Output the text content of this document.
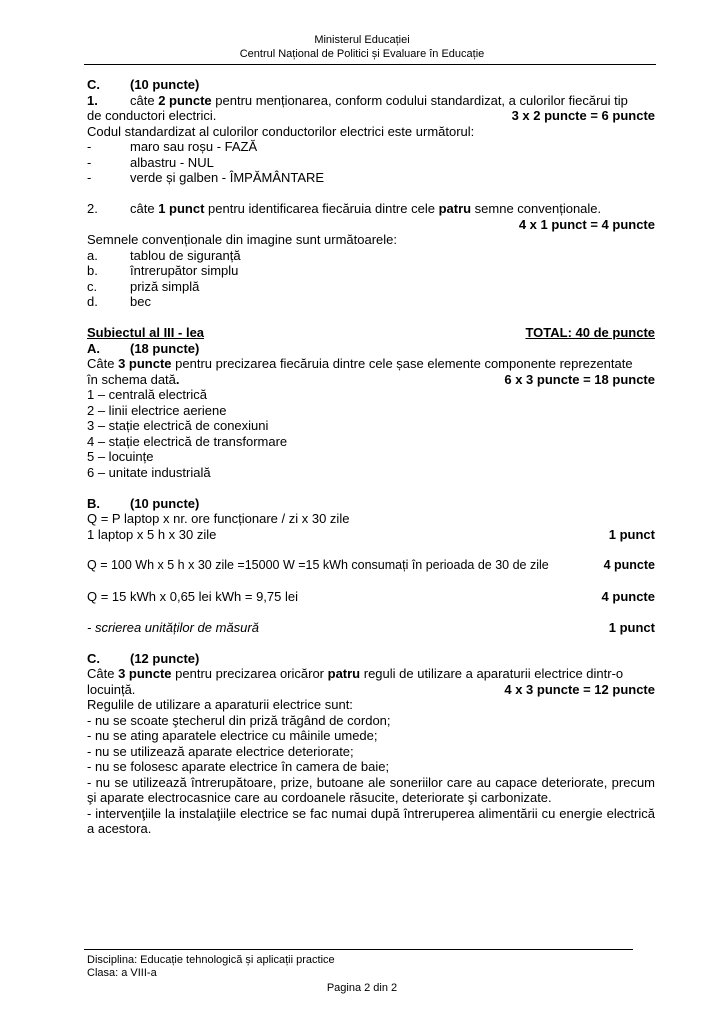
Ministerul Educației
Centrul Național de Politici și Evaluare în Educație
C. (10 puncte)
1. câte 2 puncte pentru menționarea, conform codului standardizat, a culorilor fiecărui tip
de conductori electrici.	3 x 2 puncte = 6 puncte
Codul standardizat al culorilor conductorilor electrici este următorul:
-	maro sau roșu - FAZĂ
-	albastru - NUL
-	verde și galben - ÎMPĂMÂNTARE
2. câte 1 punct pentru identificarea fiecăruia dintre cele patru semne convenționale.
4 x 1 punct = 4 puncte
Semnele convenționale din imagine sunt următoarele:
a. tablou de siguranță
b. întrerupător simplu
c.	priză simplă
d. bec
Subiectul al III - lea	TOTAL: 40 de puncte
A. (18 puncte)
Câte 3 puncte pentru precizarea fiecăruia dintre cele șase elemente componente reprezentate
în schema dată.	6 x 3 puncte = 18 puncte
1 – centrală electrică
2 – linii electrice aeriene
3 – stație electrică de conexiuni
4 – stație electrică de transformare
5 – locuințe
6 – unitate industrială
B. (10 puncte)
Q = P laptop x nr. ore funcționare / zi x 30 zile
1 laptop x 5 h x 30 zile	1 punct
Q = 100 Wh x 5 h x 30 zile =15000 W =15 kWh consumați în perioada de 30 de zile	4 puncte
Q = 15 kWh x 0,65 lei kWh = 9,75 lei	4 puncte
- scrierea unităților de măsură	1 punct
C. (12 puncte)
Câte 3 puncte pentru precizarea oricăror patru reguli de utilizare a aparaturii electrice dintr-o
locuință.	4 x 3 puncte = 12 puncte
Regulile de utilizare a aparaturii electrice sunt:
- nu se scoate ştecherul din priză trăgând de cordon;
- nu se ating aparatele electrice cu mâinile umede;
- nu se utilizează aparate electrice deteriorate;
- nu se folosesc aparate electrice în camera de baie;
- nu se utilizează întrerupătoare, prize, butoane ale soneriilor care au capace deteriorate, precum şi aparate electrocasnice care au cordoanele răsucite, deteriorate şi carbonizate.
- intervenţiile la instalaţiile electrice se fac numai după întreruperea alimentării cu energie electrică a acestora.
Disciplina: Educație tehnologică și aplicații practice
Clasa: a VIII-a
Pagina 2 din 2
